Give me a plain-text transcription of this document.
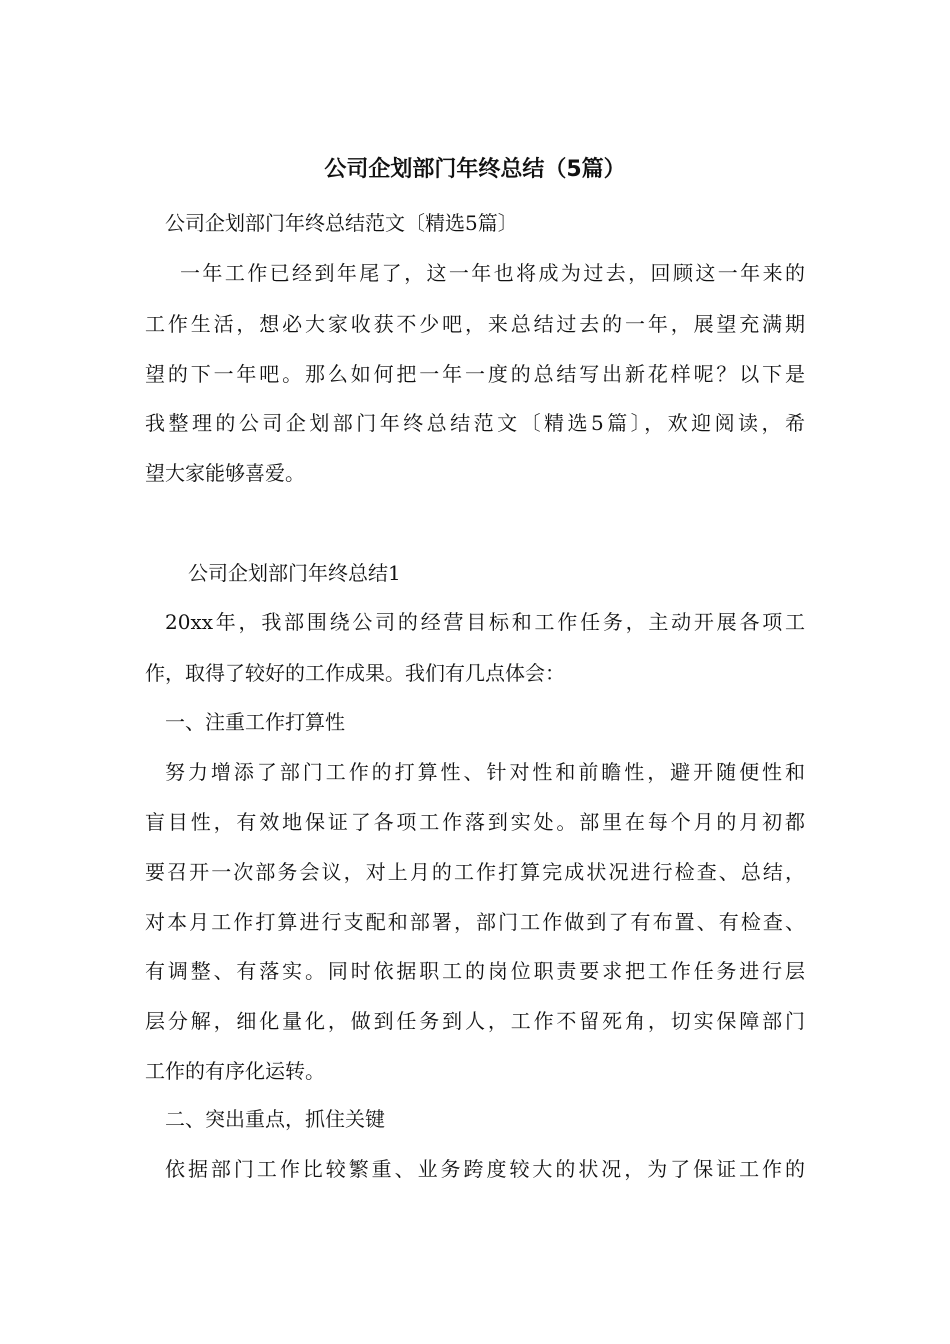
公司企划部门年终总结（5篇）
公司企划部门年终总结范文〔精选5篇〕
一年工作已经到年尾了，这一年也将成为过去，回顾这一年来的
工作生活，想必大家收获不少吧，来总结过去的一年，展望充满期
望的下一年吧。那么如何把一年一度的总结写出新花样呢？以下是
我整理的公司企划部门年终总结范文〔精选5篇〕，欢迎阅读，希
望大家能够喜爱。
公司企划部门年终总结1
20xx年，我部围绕公司的经营目标和工作任务，主动开展各项工
作，取得了较好的工作成果。我们有几点体会：
一、注重工作打算性
努力增添了部门工作的打算性、针对性和前瞻性，避开随便性和
盲目性，有效地保证了各项工作落到实处。部里在每个月的月初都
要召开一次部务会议，对上月的工作打算完成状况进行检查、总结，
对本月工作打算进行支配和部署，部门工作做到了有布置、有检查、
有调整、有落实。同时依据职工的岗位职责要求把工作任务进行层
层分解，细化量化，做到任务到人，工作不留死角，切实保障部门
工作的有序化运转。
二、突出重点，抓住关键
依据部门工作比较繁重、业务跨度较大的状况，为了保证工作的
